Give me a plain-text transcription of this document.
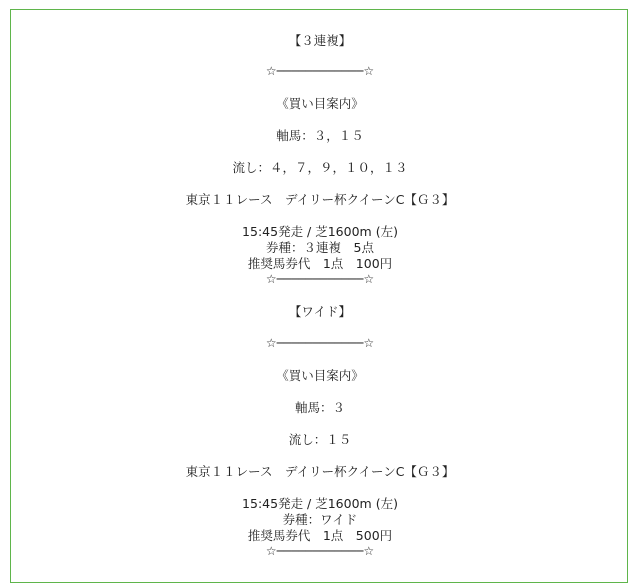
【３連複】
☆────────────☆
《買い目案内》
軸馬：３，１５
流し：４，７，９，１０，１３
東京１１レース　デイリー杯クイーンC【Ｇ３】
15:45発走 / 芝1600m (左)
券種：３連複　5点
推奨馬券代　1点　100円
☆────────────☆
【ワイド】
☆────────────☆
《買い目案内》
軸馬：３
流し：１５
東京１１レース　デイリー杯クイーンC【Ｇ３】
15:45発走 / 芝1600m (左)
券種：ワイド
推奨馬券代　1点　500円
☆────────────☆
